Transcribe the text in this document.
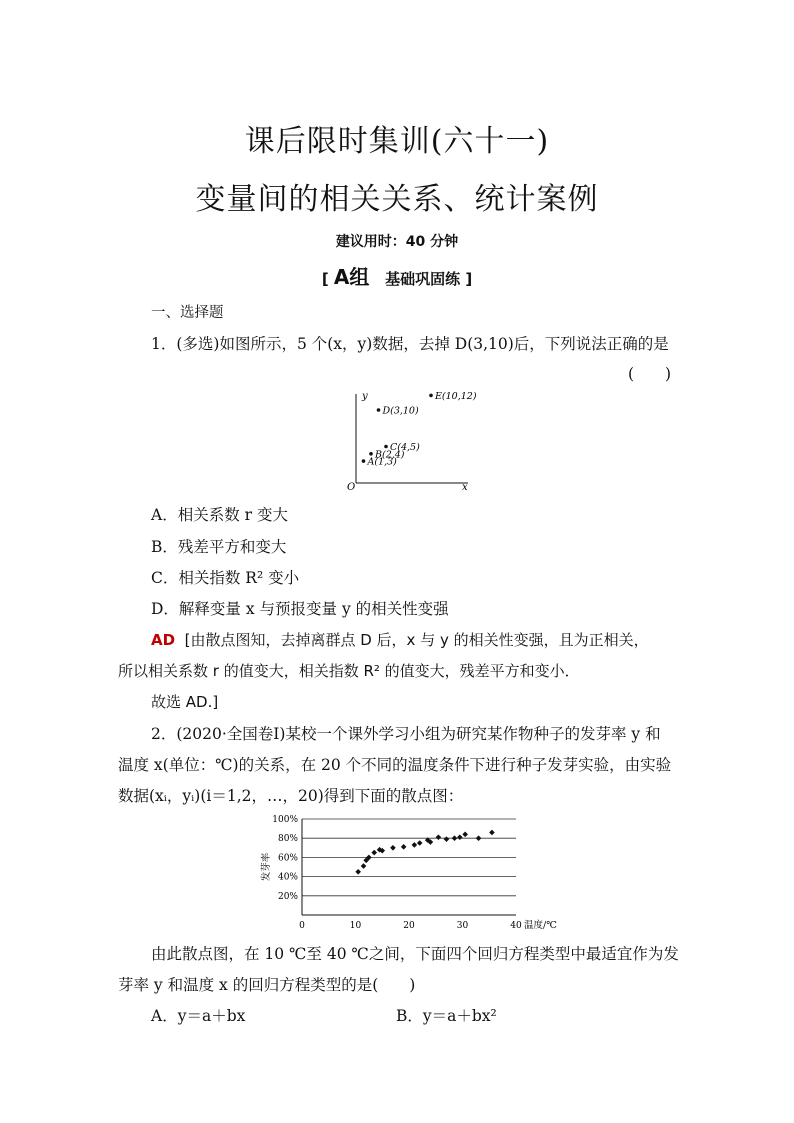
课后限时集训(六十一)
变量间的相关关系、统计案例
建议用时：40 分钟
[ A组 基础巩固练 ]
一、选择题
1．(多选)如图所示，5 个(x，y)数据，去掉 D(3,10)后，下列说法正确的是
(　　)
y
x
O
A(1,3)
B(2,4)
C(4,5)
D(3,10)
E(10,12)
A．相关系数 r 变大
B．残差平方和变大
C．相关指数 R² 变小
D．解释变量 x 与预报变量 y 的相关性变强
AD [由散点图知，去掉离群点 D 后，x 与 y 的相关性变强，且为正相关，
所以相关系数 r 的值变大，相关指数 R² 的值变大，残差平方和变小．
故选 AD.]
2．(2020·全国卷Ⅰ)某校一个课外学习小组为研究某作物种子的发芽率 y 和
温度 x(单位：℃)的关系，在 20 个不同的温度条件下进行种子发芽实验，由实验
数据(xᵢ，yᵢ)(i＝1,2，…，20)得到下面的散点图：
20%
40%
60%
80%
100%
0	10	20	30	40
发芽率
温度/℃
由此散点图，在 10 ℃至 40 ℃之间，下面四个回归方程类型中最适宜作为发
芽率 y 和温度 x 的回归方程类型的是(　　)
A．y＝a＋bx	B．y＝a＋bx²
